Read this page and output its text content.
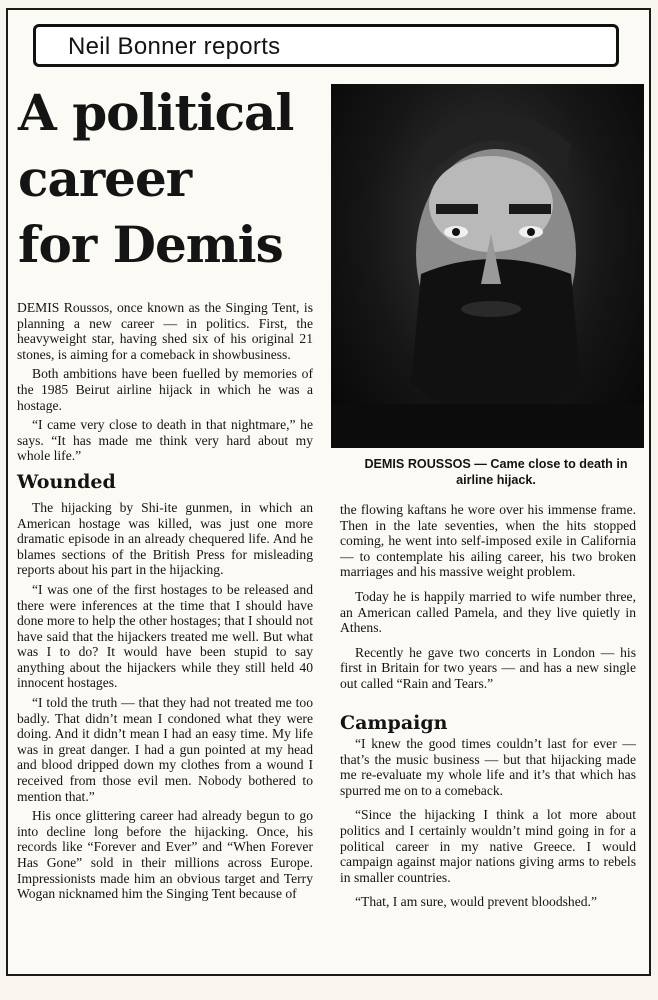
Neil Bonner reports
A political
career
for Demis
DEMIS ROUSSOS — Came close to death in airline hijack.

DEMIS Roussos, once known as the Singing Tent, is planning a new career — in politics. First, the heavyweight star, having shed six of his original 21 stones, is aiming for a comeback in showbusiness.

Both ambitions have been fuelled by memories of the 1985 Beirut airline hijack in which he was a hostage.

“I came very close to death in that nightmare,” he says. “It has made me think very hard about my whole life.”

Wounded

The hijacking by Shi-ite gunmen, in which an American hostage was killed, was just one more dramatic episode in an already chequered life. And he blames sections of the British Press for misleading reports about his part in the hijacking.

“I was one of the first hostages to be released and there were inferences at the time that I should have done more to help the other hostages; that I should not have said that the hijackers treated me well. But what was I to do? It would have been stupid to say anything about the hijackers while they still held 40 innocent hostages.

“I told the truth — that they had not treated me too badly. That didn’t mean I condoned what they were doing. And it didn’t mean I had an easy time. My life was in great danger. I had a gun pointed at my head and blood dripped down my clothes from a wound I received from those evil men. Nobody bothered to mention that.”

His once glittering career had already begun to go into decline long before the hijacking. Once, his records like “Forever and Ever” and “When Forever Has Gone” sold in their millions across Europe. Impressionists made him an obvious target and Terry Wogan nicknamed him the Singing Tent because of

the flowing kaftans he wore over his immense frame. Then in the late seventies, when the hits stopped coming, he went into self-imposed exile in California — to contemplate his ailing career, his two broken marriages and his massive weight problem.

Today he is happily married to wife number three, an American called Pamela, and they live quietly in Athens.

Recently he gave two concerts in London — his first in Britain for two years — and has a new single out called “Rain and Tears.”

Campaign

“I knew the good times couldn’t last for ever — that’s the music business — but that hijacking made me re-evaluate my whole life and it’s that which has spurred me on to a comeback.

“Since the hijacking I think a lot more about politics and I certainly wouldn’t mind going in for a political career in my native Greece. I would campaign against major nations giving arms to rebels in smaller countries.

“That, I am sure, would prevent bloodshed.”
